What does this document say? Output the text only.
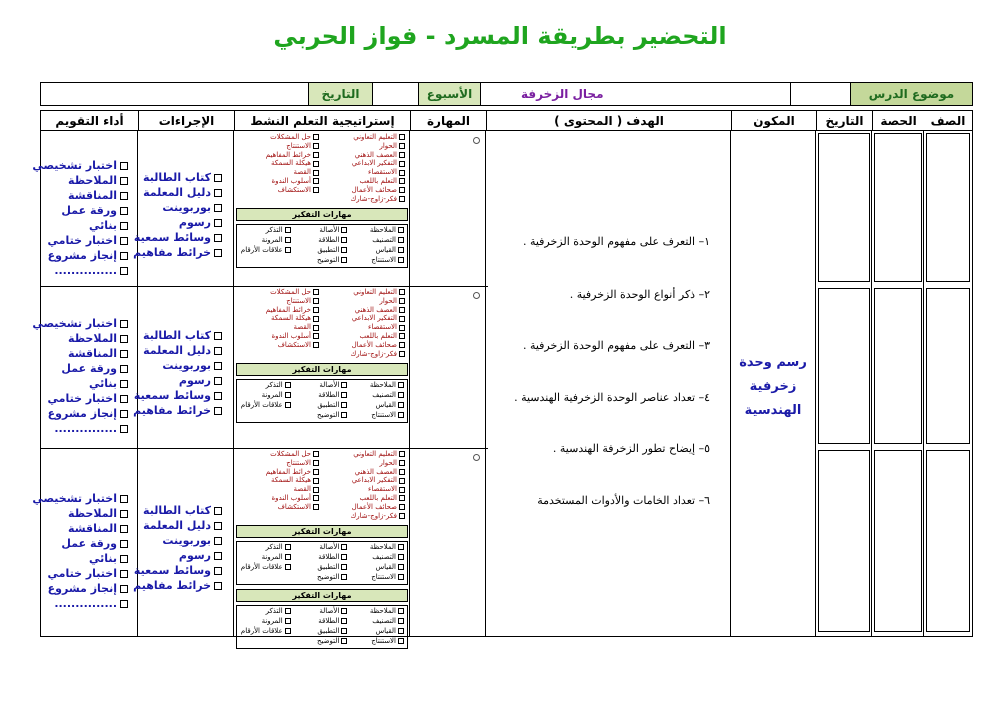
التحضير بطريقة المسرد - فواز الحربي
موضوع الدرس
مجال الزخرفة
الأسبوع
التاريخ
الصف
الحصة
التاريخ
المكون
الهدف ( المحتوى )
المهارة
إستراتيجية التعلم النشط
الإجراءات
أداء التقويم
رسم وحدة
زخرفية
الهندسية
١– التعرف على مفهوم الوحدة الزخرفية .
٢– ذكر أنواع الوحدة الزخرفية .
٣– التعرف على مفهوم الوحدة الزخرفية .
٤– تعداد عناصر الوحدة الزخرفية الهندسية .
٥– إيضاح تطور الزخرفة الهندسية .
٦– تعداد الخامات والأدوات المستخدمة
التعليم التعاوني
حل المشكلات
الحوار
الاستنتاج
العصف الذهني
خرائط المفاهيم
التفكير الابداعي
هيكلة السمكة
الاستقصاء
القصة
التعلم باللعب
أسلوب الندوة
صحائف الأعمال
الاستكشاف
فكر-زاوج-شارك
مهارات التفكير
الملاحظة
الأصالة
التذكر
التصنيف
الطلاقة
المرونة
القياس
التطبيق
علاقات الأرقام
الاستنتاج
التوضيح
كتاب الطالبة
دليل المعلمة
بوربوينت
رسوم
وسائط سمعية
خرائط مفاهيم
اختبار تشخيصي
الملاحظة
المناقشة
ورقة عمل
بنائي
اختبار ختامي
إنجاز مشروع
...............
التعليم التعاوني
حل المشكلات
الحوار
الاستنتاج
العصف الذهني
خرائط المفاهيم
التفكير الابداعي
هيكلة السمكة
الاستقصاء
القصة
التعلم باللعب
أسلوب الندوة
صحائف الأعمال
الاستكشاف
فكر-زاوج-شارك
مهارات التفكير
الملاحظة
الأصالة
التذكر
التصنيف
الطلاقة
المرونة
القياس
التطبيق
علاقات الأرقام
الاستنتاج
التوضيح
كتاب الطالبة
دليل المعلمة
بوربوينت
رسوم
وسائط سمعية
خرائط مفاهيم
اختبار تشخيصي
الملاحظة
المناقشة
ورقة عمل
بنائي
اختبار ختامي
إنجاز مشروع
...............
التعليم التعاوني
حل المشكلات
الحوار
الاستنتاج
العصف الذهني
خرائط المفاهيم
التفكير الابداعي
هيكلة السمكة
الاستقصاء
القصة
التعلم باللعب
أسلوب الندوة
صحائف الأعمال
الاستكشاف
فكر-زاوج-شارك
مهارات التفكير
الملاحظة
الأصالة
التذكر
التصنيف
الطلاقة
المرونة
القياس
التطبيق
علاقات الأرقام
الاستنتاج
التوضيح
مهارات التفكير
الملاحظة
الأصالة
التذكر
التصنيف
الطلاقة
المرونة
القياس
التطبيق
علاقات الأرقام
الاستنتاج
التوضيح
كتاب الطالبة
دليل المعلمة
بوربوينت
رسوم
وسائط سمعية
خرائط مفاهيم
اختبار تشخيصي
الملاحظة
المناقشة
ورقة عمل
بنائي
اختبار ختامي
إنجاز مشروع
...............
